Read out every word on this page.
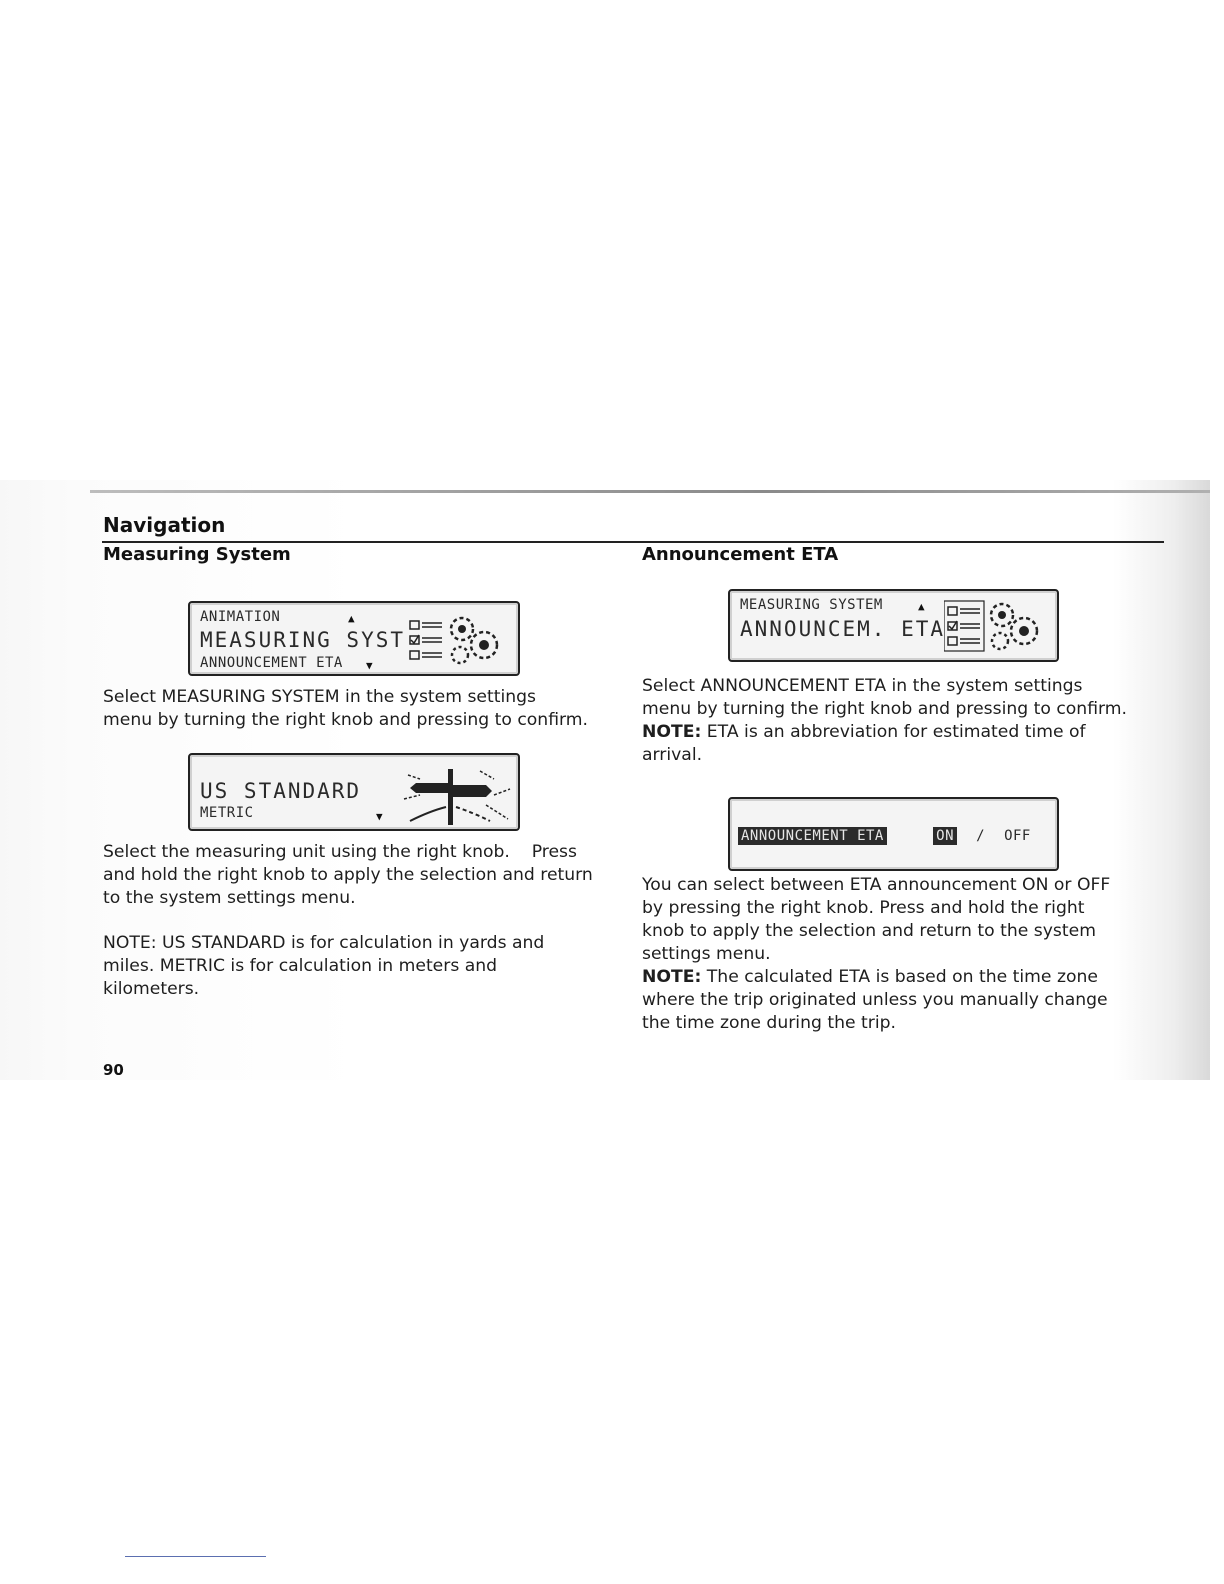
Navigation
Measuring System
ANIMATION	▲
MEASURING SYST
ANNOUNCEMENT ETA ▼
Select MEASURING SYSTEM in the system settings
menu by turning the right knob and pressing to confirm.
US STANDARD
METRIC	▼
Select the measuring unit using the right knob.    Press
and hold the right knob to apply the selection and return
to the system settings menu.
NOTE: US STANDARD is for calculation in yards and
miles. METRIC is for calculation in meters and
kilometers.
Announcement ETA
MEASURING SYSTEM	▲
ANNOUNCEM. ETA
Select ANNOUNCEMENT ETA in the system settings
menu by turning the right knob and pressing to confirm.
NOTE: ETA is an abbreviation for estimated time of
arrival.
ANNOUNCEMENT ETA	ON  /  OFF
You can select between ETA announcement ON or OFF
by pressing the right knob. Press and hold the right
knob to apply the selection and return to the system
settings menu.
NOTE: The calculated ETA is based on the time zone
where the trip originated unless you manually change
the time zone during the trip.
90
